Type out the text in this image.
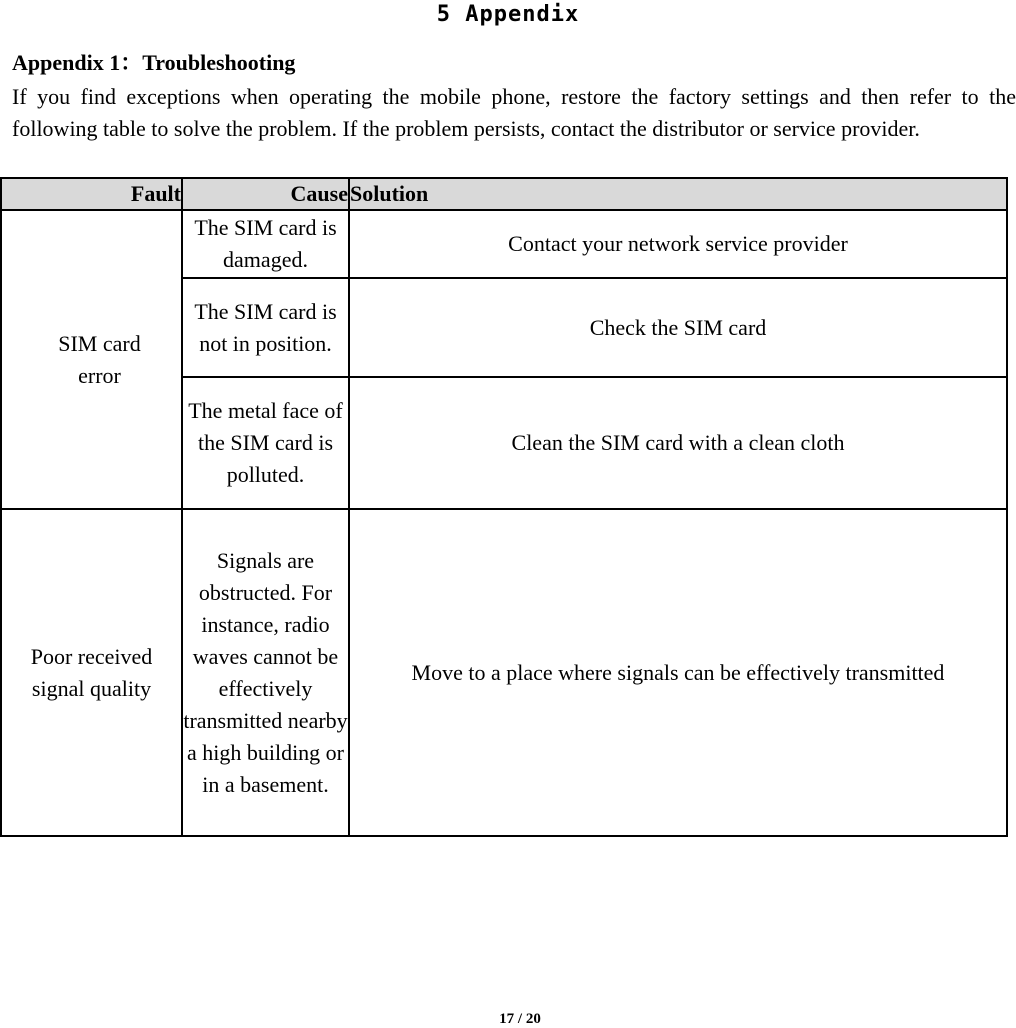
5 Appendix
Appendix 1：Troubleshooting

If you find exceptions when operating the mobile phone, restore the factory settings and then refer to the following table to solve the problem. If the problem persists, contact the distributor or service provider.

Fault	Cause	Solution
SIM card error	The SIM card is damaged.	Contact your network service provider
	The SIM card is not in position.	Check the SIM card
	The metal face of the SIM card is polluted.	Clean the SIM card with a clean cloth
Poor received signal quality	Signals are obstructed. For instance, radio waves cannot be effectively transmitted nearby a high building or in a basement.	Move to a place where signals can be effectively transmitted
17 / 20
